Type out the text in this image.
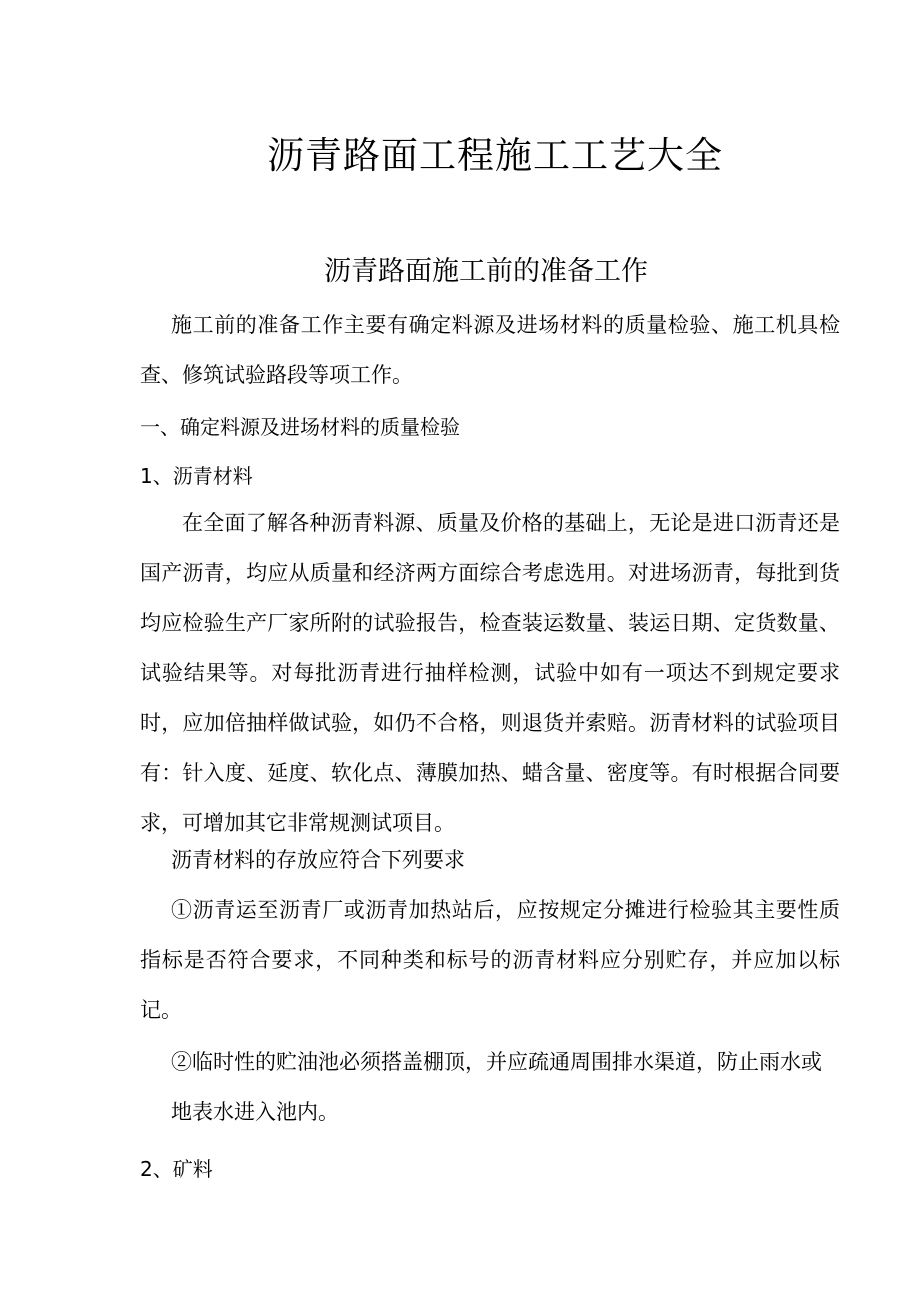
沥青路面工程施工工艺大全
沥青路面施工前的准备工作

施工前的准备工作主要有确定料源及进场材料的质量检验、施工机具检查、修筑试验路段等项工作。

一、确定料源及进场材料的质量检验

1、沥青材料

在全面了解各种沥青料源、质量及价格的基础上，无论是进口沥青还是国产沥青，均应从质量和经济两方面综合考虑选用。对进场沥青，每批到货均应检验生产厂家所附的试验报告，检查装运数量、装运日期、定货数量、试验结果等。对每批沥青进行抽样检测，试验中如有一项达不到规定要求时，应加倍抽样做试验，如仍不合格，则退货并索赔。沥青材料的试验项目有：针入度、延度、软化点、薄膜加热、蜡含量、密度等。有时根据合同要求，可增加其它非常规测试项目。

沥青材料的存放应符合下列要求

①沥青运至沥青厂或沥青加热站后，应按规定分摊进行检验其主要性质指标是否符合要求，不同种类和标号的沥青材料应分别贮存，并应加以标记。

②临时性的贮油池必须搭盖棚顶，并应疏通周围排水渠道，防止雨水或

地表水进入池内。

2、矿料
